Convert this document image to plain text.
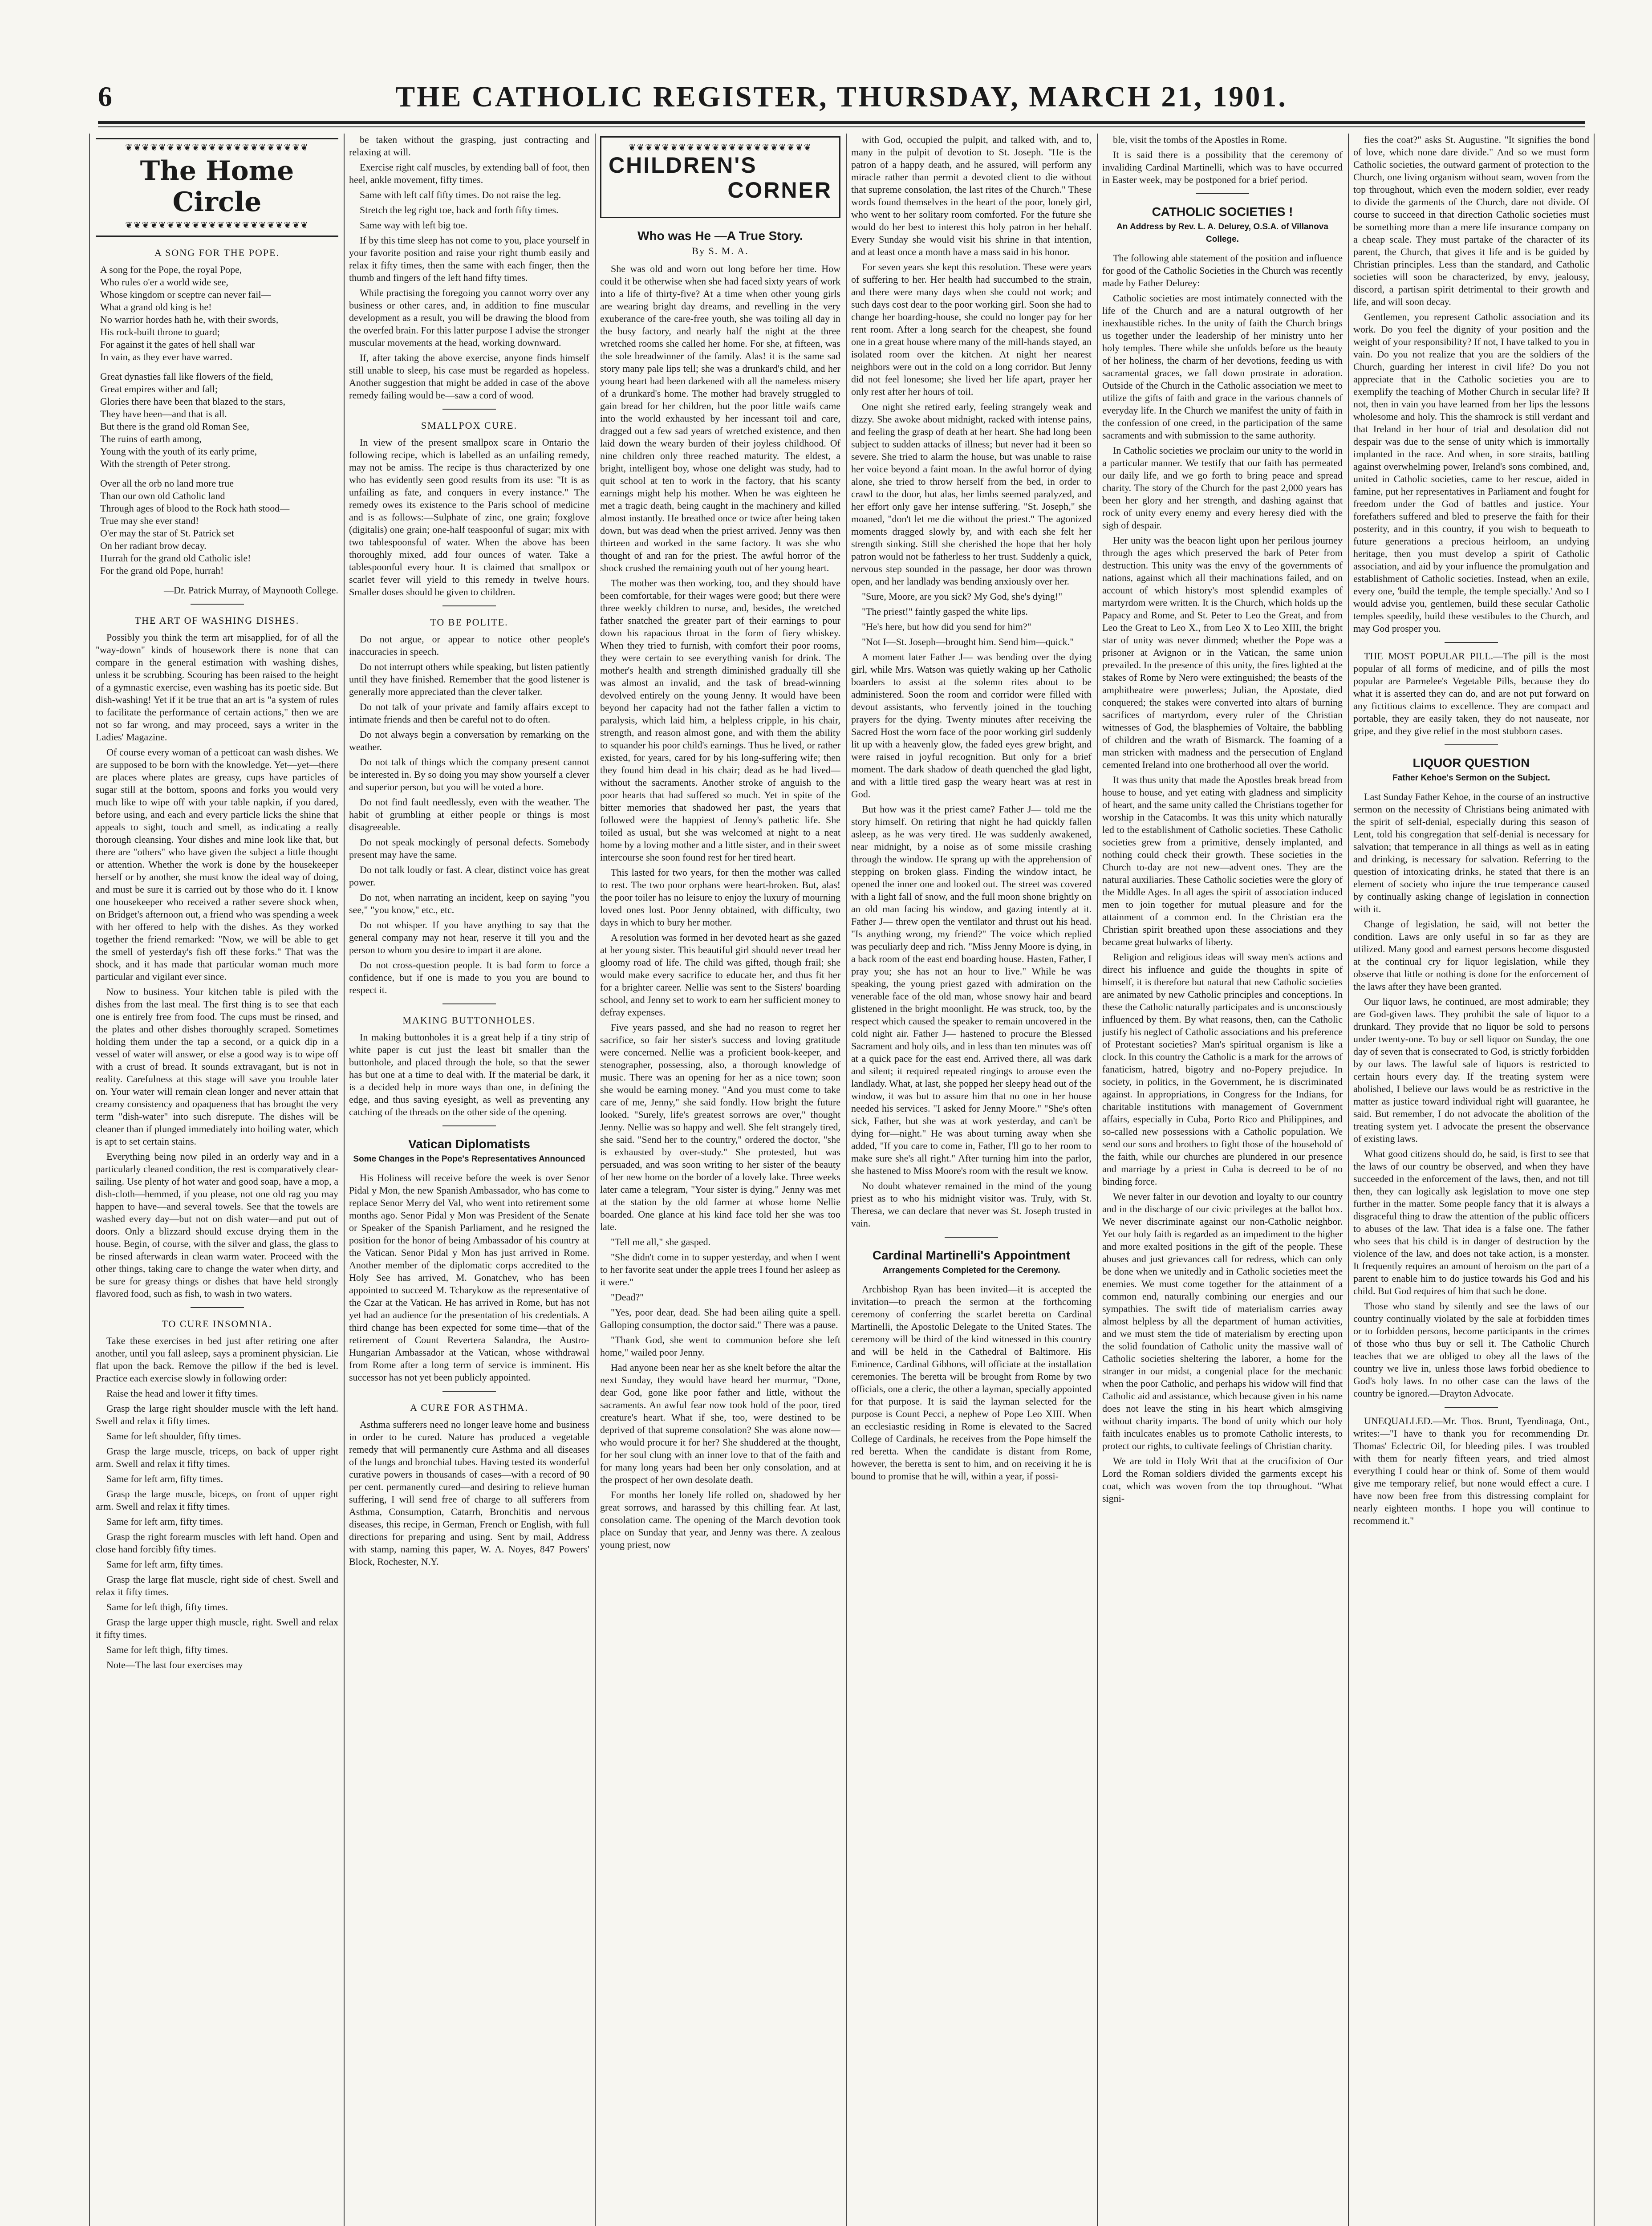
6	THE CATHOLIC REGISTER, THURSDAY, MARCH 21, 1901.
❦❦❦❦❦❦❦❦❦❦❦❦❦❦❦❦❦❦❦❦❦❦
The Home Circle
❦❦❦❦❦❦❦❦❦❦❦❦❦❦❦❦❦❦❦❦❦❦
A SONG FOR THE POPE.

A song for the Pope, the royal Pope,

Who rules o'er a world wide see,

Whose kingdom or sceptre can never fail—

What a grand old king is he!

No warrior hordes hath he, with their swords,

His rock-built throne to guard;

For against it the gates of hell shall war

In vain, as they ever have warred.

Great dynasties fall like flowers of the field,

Great empires wither and fall;

Glories there have been that blazed to the stars,

They have been—and that is all.

But there is the grand old Roman See,

The ruins of earth among,

Young with the youth of its early prime,

With the strength of Peter strong.

Over all the orb no land more true

Than our own old Catholic land

Through ages of blood to the Rock hath stood—

True may she ever stand!

O'er may the star of St. Patrick set

On her radiant brow decay.

Hurrah for the grand old Catholic isle!

For the grand old Pope, hurrah!

—Dr. Patrick Murray, of Maynooth College.

THE ART OF WASHING DISHES.

Possibly you think the term art misapplied, for of all the "way-down" kinds of housework there is none that can compare in the general estimation with washing dishes, unless it be scrubbing. Scouring has been raised to the height of a gymnastic exercise, even washing has its poetic side. But dish-washing! Yet if it be true that an art is "a system of rules to facilitate the performance of certain actions," then we are not so far wrong, and may proceed, says a writer in the Ladies' Magazine.

Of course every woman of a petticoat can wash dishes. We are supposed to be born with the knowledge. Yet—yet—there are places where plates are greasy, cups have particles of sugar still at the bottom, spoons and forks you would very much like to wipe off with your table napkin, if you dared, before using, and each and every particle licks the shine that appeals to sight, touch and smell, as indicating a really thorough cleansing. Your dishes and mine look like that, but there are "others" who have given the subject a little thought or attention. Whether the work is done by the housekeeper herself or by another, she must know the ideal way of doing, and must be sure it is carried out by those who do it. I know one housekeeper who received a rather severe shock when, on Bridget's afternoon out, a friend who was spending a week with her offered to help with the dishes. As they worked together the friend remarked: "Now, we will be able to get the smell of yesterday's fish off these forks." That was the shock, and it has made that particular woman much more particular and vigilant ever since.

Now to business. Your kitchen table is piled with the dishes from the last meal. The first thing is to see that each one is entirely free from food. The cups must be rinsed, and the plates and other dishes thoroughly scraped. Sometimes holding them under the tap a second, or a quick dip in a vessel of water will answer, or else a good way is to wipe off with a crust of bread. It sounds extravagant, but is not in reality. Carefulness at this stage will save you trouble later on. Your water will remain clean longer and never attain that creamy consistency and opaqueness that has brought the very term "dish-water" into such disrepute. The dishes will be cleaner than if plunged immediately into boiling water, which is apt to set certain stains.

Everything being now piled in an orderly way and in a particularly cleaned condition, the rest is comparatively clear-sailing. Use plenty of hot water and good soap, have a mop, a dish-cloth—hemmed, if you please, not one old rag you may happen to have—and several towels. See that the towels are washed every day—but not on dish water—and put out of doors. Only a blizzard should excuse drying them in the house. Begin, of course, with the silver and glass, the glass to be rinsed afterwards in clean warm water. Proceed with the other things, taking care to change the water when dirty, and be sure for greasy things or dishes that have held strongly flavored food, such as fish, to wash in two waters.

TO CURE INSOMNIA.

Take these exercises in bed just after retiring one after another, until you fall asleep, says a prominent physician. Lie flat upon the back. Remove the pillow if the bed is level. Practice each exercise slowly in following order:

Raise the head and lower it fifty times.

Grasp the large right shoulder muscle with the left hand. Swell and relax it fifty times.

Same for left shoulder, fifty times.

Grasp the large muscle, triceps, on back of upper right arm. Swell and relax it fifty times.

Same for left arm, fifty times.

Grasp the large muscle, biceps, on front of upper right arm. Swell and relax it fifty times.

Same for left arm, fifty times.

Grasp the right forearm muscles with left hand. Open and close hand forcibly fifty times.

Same for left arm, fifty times.

Grasp the large flat muscle, right side of chest. Swell and relax it fifty times.

Same for left thigh, fifty times.

Grasp the large upper thigh muscle, right. Swell and relax it fifty times.

Same for left thigh, fifty times.

Note—The last four exercises may

be taken without the grasping, just contracting and relaxing at will.

Exercise right calf muscles, by extending ball of foot, then heel, ankle movement, fifty times.

Same with left calf fifty times. Do not raise the leg.

Stretch the leg right toe, back and forth fifty times.

Same way with left big toe.

If by this time sleep has not come to you, place yourself in your favorite position and raise your right thumb easily and relax it fifty times, then the same with each finger, then the thumb and fingers of the left hand fifty times.

While practising the foregoing you cannot worry over any business or other cares, and, in addition to fine muscular development as a result, you will be drawing the blood from the overfed brain. For this latter purpose I advise the stronger muscular movements at the head, working downward.

If, after taking the above exercise, anyone finds himself still unable to sleep, his case must be regarded as hopeless. Another suggestion that might be added in case of the above remedy failing would be—saw a cord of wood.

SMALLPOX CURE.

In view of the present smallpox scare in Ontario the following recipe, which is labelled as an unfailing remedy, may not be amiss. The recipe is thus characterized by one who has evidently seen good results from its use: "It is as unfailing as fate, and conquers in every instance." The remedy owes its existence to the Paris school of medicine and is as follows:—Sulphate of zinc, one grain; foxglove (digitalis) one grain; one-half teaspoonful of sugar; mix with two tablespoonsful of water. When the above has been thoroughly mixed, add four ounces of water. Take a tablespoonful every hour. It is claimed that smallpox or scarlet fever will yield to this remedy in twelve hours. Smaller doses should be given to children.

TO BE POLITE.

Do not argue, or appear to notice other people's inaccuracies in speech.

Do not interrupt others while speaking, but listen patiently until they have finished. Remember that the good listener is generally more appreciated than the clever talker.

Do not talk of your private and family affairs except to intimate friends and then be careful not to do often.

Do not always begin a conversation by remarking on the weather.

Do not talk of things which the company present cannot be interested in. By so doing you may show yourself a clever and superior person, but you will be voted a bore.

Do not find fault needlessly, even with the weather. The habit of grumbling at either people or things is most disagreeable.

Do not speak mockingly of personal defects. Somebody present may have the same.

Do not talk loudly or fast. A clear, distinct voice has great power.

Do not, when narrating an incident, keep on saying "you see," "you know," etc., etc.

Do not whisper. If you have anything to say that the general company may not hear, reserve it till you and the person to whom you desire to impart it are alone.

Do not cross-question people. It is bad form to force a confidence, but if one is made to you you are bound to respect it.

MAKING BUTTONHOLES.

In making buttonholes it is a great help if a tiny strip of white paper is cut just the least bit smaller than the buttonhole, and placed through the hole, so that the sewer has but one at a time to deal with. If the material be dark, it is a decided help in more ways than one, in defining the edge, and thus saving eyesight, as well as preventing any catching of the threads on the other side of the opening.

Vatican Diplomatists
Some Changes in the Pope's Representatives Announced

His Holiness will receive before the week is over Senor Pidal y Mon, the new Spanish Ambassador, who has come to replace Senor Merry del Val, who went into retirement some months ago. Senor Pidal y Mon was President of the Senate or Speaker of the Spanish Parliament, and he resigned the position for the honor of being Ambassador of his country at the Vatican. Senor Pidal y Mon has just arrived in Rome. Another member of the diplomatic corps accredited to the Holy See has arrived, M. Gonatchev, who has been appointed to succeed M. Tcharykow as the representative of the Czar at the Vatican. He has arrived in Rome, but has not yet had an audience for the presentation of his credentials. A third change has been expected for some time—that of the retirement of Count Revertera Salandra, the Austro-Hungarian Ambassador at the Vatican, whose withdrawal from Rome after a long term of service is imminent. His successor has not yet been publicly appointed.

A CURE FOR ASTHMA.

Asthma sufferers need no longer leave home and business in order to be cured. Nature has produced a vegetable remedy that will permanently cure Asthma and all diseases of the lungs and bronchial tubes. Having tested its wonderful curative powers in thousands of cases—with a record of 90 per cent. permanently cured—and desiring to relieve human suffering, I will send free of charge to all sufferers from Asthma, Consumption, Catarrh, Bronchitis and nervous diseases, this recipe, in German, French or English, with full directions for preparing and using. Sent by mail, Address with stamp, naming this paper, W. A. Noyes, 847 Powers' Block, Rochester, N.Y.

❦❦❦❦❦❦❦❦❦❦❦❦❦❦❦❦❦❦❦❦❦❦
CHILDREN'S
CORNER
Who was He —A True Story.
By S. M. A.

She was old and worn out long before her time. How could it be otherwise when she had faced sixty years of work into a life of thirty-five? At a time when other young girls are wearing bright day dreams, and revelling in the very exuberance of the care-free youth, she was toiling all day in the busy factory, and nearly half the night at the three wretched rooms she called her home. For she, at fifteen, was the sole breadwinner of the family. Alas! it is the same sad story many pale lips tell; she was a drunkard's child, and her young heart had been darkened with all the nameless misery of a drunkard's home. The mother had bravely struggled to gain bread for her children, but the poor little waifs came into the world exhausted by her incessant toil and care, dragged out a few sad years of wretched existence, and then laid down the weary burden of their joyless childhood. Of nine children only three reached maturity. The eldest, a bright, intelligent boy, whose one delight was study, had to quit school at ten to work in the factory, that his scanty earnings might help his mother. When he was eighteen he met a tragic death, being caught in the machinery and killed almost instantly. He breathed once or twice after being taken down, but was dead when the priest arrived. Jenny was then thirteen and worked in the same factory. It was she who thought of and ran for the priest. The awful horror of the shock crushed the remaining youth out of her young heart.

The mother was then working, too, and they should have been comfortable, for their wages were good; but there were three weekly children to nurse, and, besides, the wretched father snatched the greater part of their earnings to pour down his rapacious throat in the form of fiery whiskey. When they tried to furnish, with comfort their poor rooms, they were certain to see everything vanish for drink. The mother's health and strength diminished gradually till she was almost an invalid, and the task of bread-winning devolved entirely on the young Jenny. It would have been beyond her capacity had not the father fallen a victim to paralysis, which laid him, a helpless cripple, in his chair, strength, and reason almost gone, and with them the ability to squander his poor child's earnings. Thus he lived, or rather existed, for years, cared for by his long-suffering wife; then they found him dead in his chair; dead as he had lived—without the sacraments. Another stroke of anguish to the poor hearts that had suffered so much. Yet in spite of the bitter memories that shadowed her past, the years that followed were the happiest of Jenny's pathetic life. She toiled as usual, but she was welcomed at night to a neat home by a loving mother and a little sister, and in their sweet intercourse she soon found rest for her tired heart.

This lasted for two years, for then the mother was called to rest. The two poor orphans were heart-broken. But, alas! the poor toiler has no leisure to enjoy the luxury of mourning loved ones lost. Poor Jenny obtained, with difficulty, two days in which to bury her mother.

A resolution was formed in her devoted heart as she gazed at her young sister. This beautiful girl should never tread her gloomy road of life. The child was gifted, though frail; she would make every sacrifice to educate her, and thus fit her for a brighter career. Nellie was sent to the Sisters' boarding school, and Jenny set to work to earn her sufficient money to defray expenses.

Five years passed, and she had no reason to regret her sacrifice, so fair her sister's success and loving gratitude were concerned. Nellie was a proficient book-keeper, and stenographer, possessing, also, a thorough knowledge of music. There was an opening for her as a nice town; soon she would be earning money. "And you must come to take care of me, Jenny," she said fondly. How bright the future looked. "Surely, life's greatest sorrows are over," thought Jenny. Nellie was so happy and well. She felt strangely tired, she said. "Send her to the country," ordered the doctor, "she is exhausted by over-study." She protested, but was persuaded, and was soon writing to her sister of the beauty of her new home on the border of a lovely lake. Three weeks later came a telegram, "Your sister is dying." Jenny was met at the station by the old farmer at whose home Nellie boarded. One glance at his kind face told her she was too late.

"Tell me all," she gasped.

"She didn't come in to supper yesterday, and when I went to her favorite seat under the apple trees I found her asleep as it were."

"Dead?"

"Yes, poor dear, dead. She had been ailing quite a spell. Galloping consumption, the doctor said." There was a pause.

"Thank God, she went to communion before she left home," wailed poor Jenny.

Had anyone been near her as she knelt before the altar the next Sunday, they would have heard her murmur, "Done, dear God, gone like poor father and little, without the sacraments. An awful fear now took hold of the poor, tired creature's heart. What if she, too, were destined to be deprived of that supreme consolation? She was alone now—who would procure it for her? She shuddered at the thought, for her soul clung with an inner love to that of the faith and for many long years had been her only consolation, and at the prospect of her own desolate death.

For months her lonely life rolled on, shadowed by her great sorrows, and harassed by this chilling fear. At last, consolation came. The opening of the March devotion took place on Sunday that year, and Jenny was there. A zealous young priest, now

with God, occupied the pulpit, and talked with, and to, many in the pulpit of devotion to St. Joseph. "He is the patron of a happy death, and he assured, will perform any miracle rather than permit a devoted client to die without that supreme consolation, the last rites of the Church." These words found themselves in the heart of the poor, lonely girl, who went to her solitary room comforted. For the future she would do her best to interest this holy patron in her behalf. Every Sunday she would visit his shrine in that intention, and at least once a month have a mass said in his honor.

For seven years she kept this resolution. These were years of suffering to her. Her health had succumbed to the strain, and there were many days when she could not work; and such days cost dear to the poor working girl. Soon she had to change her boarding-house, she could no longer pay for her rent room. After a long search for the cheapest, she found one in a great house where many of the mill-hands stayed, an isolated room over the kitchen. At night her nearest neighbors were out in the cold on a long corridor. But Jenny did not feel lonesome; she lived her life apart, prayer her only rest after her hours of toil.

One night she retired early, feeling strangely weak and dizzy. She awoke about midnight, racked with intense pains, and feeling the grasp of death at her heart. She had long been subject to sudden attacks of illness; but never had it been so severe. She tried to alarm the house, but was unable to raise her voice beyond a faint moan. In the awful horror of dying alone, she tried to throw herself from the bed, in order to crawl to the door, but alas, her limbs seemed paralyzed, and her effort only gave her intense suffering. "St. Joseph," she moaned, "don't let me die without the priest." The agonized moments dragged slowly by, and with each she felt her strength sinking. Still she cherished the hope that her holy patron would not be fatherless to her trust. Suddenly a quick, nervous step sounded in the passage, her door was thrown open, and her landlady was bending anxiously over her.

"Sure, Moore, are you sick? My God, she's dying!"

"The priest!" faintly gasped the white lips.

"He's here, but how did you send for him?"

"Not I—St. Joseph—brought him. Send him—quick."

A moment later Father J— was bending over the dying girl, while Mrs. Watson was quietly waking up her Catholic boarders to assist at the solemn rites about to be administered. Soon the room and corridor were filled with devout assistants, who fervently joined in the touching prayers for the dying. Twenty minutes after receiving the Sacred Host the worn face of the poor working girl suddenly lit up with a heavenly glow, the faded eyes grew bright, and were raised in joyful recognition. But only for a brief moment. The dark shadow of death quenched the glad light, and with a little tired gasp the weary heart was at rest in God.

But how was it the priest came? Father J— told me the story himself. On retiring that night he had quickly fallen asleep, as he was very tired. He was suddenly awakened, near midnight, by a noise as of some missile crashing through the window. He sprang up with the apprehension of stepping on broken glass. Finding the window intact, he opened the inner one and looked out. The street was covered with a light fall of snow, and the full moon shone brightly on an old man facing his window, and gazing intently at it. Father J— threw open the ventilator and thrust out his head. "Is anything wrong, my friend?" The voice which replied was peculiarly deep and rich. "Miss Jenny Moore is dying, in a back room of the east end boarding house. Hasten, Father, I pray you; she has not an hour to live." While he was speaking, the young priest gazed with admiration on the venerable face of the old man, whose snowy hair and beard glistened in the bright moonlight. He was struck, too, by the respect which caused the speaker to remain uncovered in the cold night air. Father J— hastened to procure the Blessed Sacrament and holy oils, and in less than ten minutes was off at a quick pace for the east end. Arrived there, all was dark and silent; it required repeated ringings to arouse even the landlady. What, at last, she popped her sleepy head out of the window, it was but to assure him that no one in her house needed his services. "I asked for Jenny Moore." "She's often sick, Father, but she was at work yesterday, and can't be dying for—night." He was about turning away when she added, "If you care to come in, Father, I'll go to her room to make sure she's all right." After turning him into the parlor, she hastened to Miss Moore's room with the result we know.

No doubt whatever remained in the mind of the young priest as to who his midnight visitor was. Truly, with St. Theresa, we can declare that never was St. Joseph trusted in vain.

Cardinal Martinelli's Appointment
Arrangements Completed for the Ceremony.

Archbishop Ryan has been invited—it is accepted the invitation—to preach the sermon at the forthcoming ceremony of conferring the scarlet beretta on Cardinal Martinelli, the Apostolic Delegate to the United States. The ceremony will be third of the kind witnessed in this country and will be held in the Cathedral of Baltimore. His Eminence, Cardinal Gibbons, will officiate at the installation ceremonies. The beretta will be brought from Rome by two officials, one a cleric, the other a layman, specially appointed for that purpose. It is said the layman selected for the purpose is Count Pecci, a nephew of Pope Leo XIII. When an ecclesiastic residing in Rome is elevated to the Sacred College of Cardinals, he receives from the Pope himself the red beretta. When the candidate is distant from Rome, however, the beretta is sent to him, and on receiving it he is bound to promise that he will, within a year, if possi-

ble, visit the tombs of the Apostles in Rome.

It is said there is a possibility that the ceremony of invaliding Cardinal Martinelli, which was to have occurred in Easter week, may be postponed for a brief period.

CATHOLIC SOCIETIES !
An Address by Rev. L. A. Delurey, O.S.A. of Villanova College.

The following able statement of the position and influence for good of the Catholic Societies in the Church was recently made by Father Delurey:

Catholic societies are most intimately connected with the life of the Church and are a natural outgrowth of her inexhaustible riches. In the unity of faith the Church brings us together under the leadership of her ministry unto her holy temples. There while she unfolds before us the beauty of her holiness, the charm of her devotions, feeding us with sacramental graces, we fall down prostrate in adoration. Outside of the Church in the Catholic association we meet to utilize the gifts of faith and grace in the various channels of everyday life. In the Church we manifest the unity of faith in the confession of one creed, in the participation of the same sacraments and with submission to the same authority.

In Catholic societies we proclaim our unity to the world in a particular manner. We testify that our faith has permeated our daily life, and we go forth to bring peace and spread charity. The story of the Church for the past 2,000 years has been her glory and her strength, and dashing against that rock of unity every enemy and every heresy died with the sigh of despair.

Her unity was the beacon light upon her perilous journey through the ages which preserved the bark of Peter from destruction. This unity was the envy of the governments of nations, against which all their machinations failed, and on account of which history's most splendid examples of martyrdom were written. It is the Church, which holds up the Papacy and Rome, and St. Peter to Leo the Great, and from Leo the Great to Leo X., from Leo X to Leo XIII, the bright star of unity was never dimmed; whether the Pope was a prisoner at Avignon or in the Vatican, the same union prevailed. In the presence of this unity, the fires lighted at the stakes of Rome by Nero were extinguished; the beasts of the amphitheatre were powerless; Julian, the Apostate, died conquered; the stakes were converted into altars of burning sacrifices of martyrdom, every ruler of the Christian witnesses of God, the blasphemies of Voltaire, the babbling of children and the wrath of Bismarck. The foaming of a man stricken with madness and the persecution of England cemented Ireland into one brotherhood all over the world.

It was thus unity that made the Apostles break bread from house to house, and yet eating with gladness and simplicity of heart, and the same unity called the Christians together for worship in the Catacombs. It was this unity which naturally led to the establishment of Catholic societies. These Catholic societies grew from a primitive, densely implanted, and nothing could check their growth. These societies in the Church to-day are not new—advent ones. They are the natural auxiliaries. These Catholic societies were the glory of the Middle Ages. In all ages the spirit of association induced men to join together for mutual pleasure and for the attainment of a common end. In the Christian era the Christian spirit breathed upon these associations and they became great bulwarks of liberty.

Religion and religious ideas will sway men's actions and direct his influence and guide the thoughts in spite of himself, it is therefore but natural that new Catholic societies are animated by new Catholic principles and conceptions. In these the Catholic naturally participates and is unconsciously influenced by them. By what reasons, then, can the Catholic justify his neglect of Catholic associations and his preference of Protestant societies? Man's spiritual organism is like a clock. In this country the Catholic is a mark for the arrows of fanaticism, hatred, bigotry and no-Popery prejudice. In society, in politics, in the Government, he is discriminated against. In appropriations, in Congress for the Indians, for charitable institutions with management of Government affairs, especially in Cuba, Porto Rico and Philippines, and so-called new possessions with a Catholic population. We send our sons and brothers to fight those of the household of the faith, while our churches are plundered in our presence and marriage by a priest in Cuba is decreed to be of no binding force.

We never falter in our devotion and loyalty to our country and in the discharge of our civic privileges at the ballot box. We never discriminate against our non-Catholic neighbor. Yet our holy faith is regarded as an impediment to the higher and more exalted positions in the gift of the people. These abuses and just grievances call for redress, which can only be done when we unitedly and in Catholic societies meet the enemies. We must come together for the attainment of a common end, naturally combining our energies and our sympathies. The swift tide of materialism carries away almost helpless by all the department of human activities, and we must stem the tide of materialism by erecting upon the solid foundation of Catholic unity the massive wall of Catholic societies sheltering the laborer, a home for the stranger in our midst, a congenial place for the mechanic when the poor Catholic, and perhaps his widow will find that Catholic aid and assistance, which because given in his name does not leave the sting in his heart which almsgiving without charity imparts. The bond of unity which our holy faith inculcates enables us to promote Catholic interests, to protect our rights, to cultivate feelings of Christian charity.

We are told in Holy Writ that at the crucifixion of Our Lord the Roman soldiers divided the garments except his coat, which was woven from the top throughout. "What signi-

fies the coat?" asks St. Augustine. "It signifies the bond of love, which none dare divide." And so we must form Catholic societies, the outward garment of protection to the Church, one living organism without seam, woven from the top throughout, which even the modern soldier, ever ready to divide the garments of the Church, dare not divide. Of course to succeed in that direction Catholic societies must be something more than a mere life insurance company on a cheap scale. They must partake of the character of its parent, the Church, that gives it life and is be guided by Christian principles. Less than the standard, and Catholic societies will soon be characterized, by envy, jealousy, discord, a partisan spirit detrimental to their growth and life, and will soon decay.

Gentlemen, you represent Catholic association and its work. Do you feel the dignity of your position and the weight of your responsibility? If not, I have talked to you in vain. Do you not realize that you are the soldiers of the Church, guarding her interest in civil life? Do you not appreciate that in the Catholic societies you are to exemplify the teaching of Mother Church in secular life? If not, then in vain you have learned from her lips the lessons wholesome and holy. This the shamrock is still verdant and that Ireland in her hour of trial and desolation did not despair was due to the sense of unity which is immortally implanted in the race. And when, in sore straits, battling against overwhelming power, Ireland's sons combined, and, united in Catholic societies, came to her rescue, aided in famine, put her representatives in Parliament and fought for freedom under the God of battles and justice. Your forefathers suffered and bled to preserve the faith for their posterity, and in this country, if you wish to bequeath to future generations a precious heirloom, an undying heritage, then you must develop a spirit of Catholic association, and aid by your influence the promulgation and establishment of Catholic societies. Instead, when an exile, every one, 'build the temple, the temple specially.' And so I would advise you, gentlemen, build these secular Catholic temples speedily, build these vestibules to the Church, and may God prosper you.

THE MOST POPULAR PILL.—The pill is the most popular of all forms of medicine, and of pills the most popular are Parmelee's Vegetable Pills, because they do what it is asserted they can do, and are not put forward on any fictitious claims to excellence. They are compact and portable, they are easily taken, they do not nauseate, nor gripe, and they give relief in the most stubborn cases.

LIQUOR QUESTION
Father Kehoe's Sermon on the Subject.

Last Sunday Father Kehoe, in the course of an instructive sermon on the necessity of Christians being animated with the spirit of self-denial, especially during this season of Lent, told his congregation that self-denial is necessary for salvation; that temperance in all things as well as in eating and drinking, is necessary for salvation. Referring to the question of intoxicating drinks, he stated that there is an element of society who injure the true temperance caused by continually asking change of legislation in connection with it.

Change of legislation, he said, will not better the condition. Laws are only useful in so far as they are utilized. Many good and earnest persons become disgusted at the continual cry for liquor legislation, while they observe that little or nothing is done for the enforcement of the laws after they have been granted.

Our liquor laws, he continued, are most admirable; they are God-given laws. They prohibit the sale of liquor to a drunkard. They provide that no liquor be sold to persons under twenty-one. To buy or sell liquor on Sunday, the one day of seven that is consecrated to God, is strictly forbidden by our laws. The lawful sale of liquors is restricted to certain hours every day. If the treating system were abolished, I believe our laws would be as restrictive in the matter as justice toward individual right will guarantee, he said. But remember, I do not advocate the abolition of the treating system yet. I advocate the present the observance of existing laws.

What good citizens should do, he said, is first to see that the laws of our country be observed, and when they have succeeded in the enforcement of the laws, then, and not till then, they can logically ask legislation to move one step further in the matter. Some people fancy that it is always a disgraceful thing to draw the attention of the public officers to abuses of the law. That idea is a false one. The father who sees that his child is in danger of destruction by the violence of the law, and does not take action, is a monster. It frequently requires an amount of heroism on the part of a parent to enable him to do justice towards his God and his child. But God requires of him that such be done.

Those who stand by silently and see the laws of our country continually violated by the sale at forbidden times or to forbidden persons, become participants in the crimes of those who thus buy or sell it. The Catholic Church teaches that we are obliged to obey all the laws of the country we live in, unless those laws forbid obedience to God's holy laws. In no other case can the laws of the country be ignored.—Drayton Advocate.

UNEQUALLED.—Mr. Thos. Brunt, Tyendinaga, Ont., writes:—"I have to thank you for recommending Dr. Thomas' Eclectric Oil, for bleeding piles. I was troubled with them for nearly fifteen years, and tried almost everything I could hear or think of. Some of them would give me temporary relief, but none would effect a cure. I have now been free from this distressing complaint for nearly eighteen months. I hope you will continue to recommend it."
